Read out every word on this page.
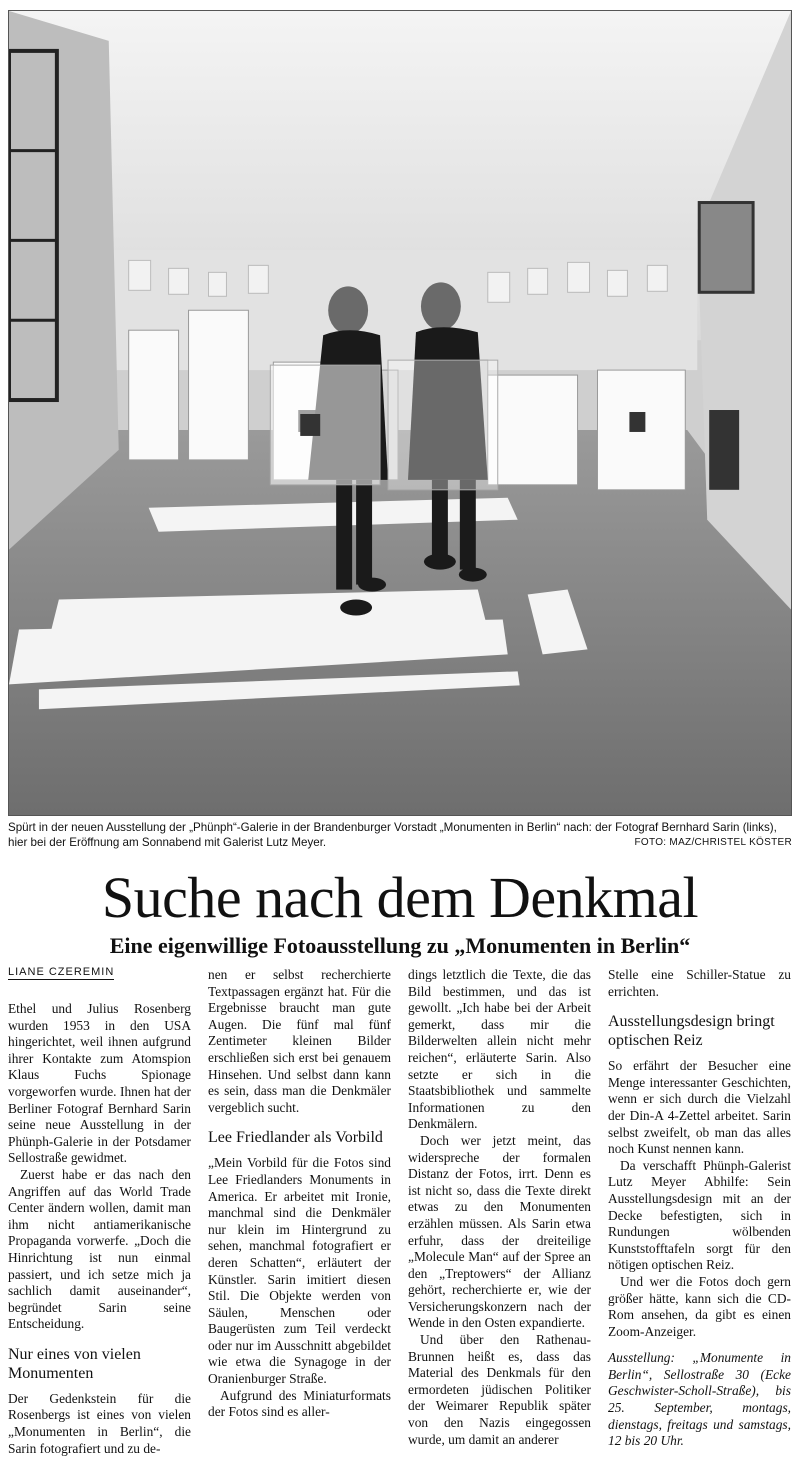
Spürt in der neuen Ausstellung der „Phünph“-Galerie in der Brandenburger Vorstadt „Monumenten in Berlin“ nach: der Fotograf Bernhard Sarin (links), hier bei der Eröffnung am Sonnabend mit Galerist Lutz Meyer.	FOTO: MAZ/CHRISTEL KÖSTER
Suche nach dem Denkmal
Eine eigenwillige Fotoausstellung zu „Monumenten in Berlin“
LIANE CZEREMIN

Ethel und Julius Rosenberg wurden 1953 in den USA hingerichtet, weil ihnen aufgrund ihrer Kontakte zum Atomspion Klaus Fuchs Spionage vorgeworfen wurde. Ihnen hat der Berliner Fotograf Bernhard Sarin seine neue Ausstellung in der Phünph-Galerie in der Potsdamer Sellostraße gewidmet.

Zuerst habe er das nach den Angriffen auf das World Trade Center ändern wollen, damit man ihm nicht antiamerikanische Propaganda vorwerfe. „Doch die Hinrichtung ist nun einmal passiert, und ich setze mich ja sachlich damit auseinander“, begründet Sarin seine Entscheidung.

Nur eines von vielen Monumenten

Der Gedenkstein für die Rosenbergs ist eines von vielen „Monumenten in Berlin“, die Sarin fotografiert und zu de-

nen er selbst recherchierte Textpassagen ergänzt hat. Für die Ergebnisse braucht man gute Augen. Die fünf mal fünf Zentimeter kleinen Bilder erschließen sich erst bei genauem Hinsehen. Und selbst dann kann es sein, dass man die Denkmäler vergeblich sucht.

Lee Friedlander als Vorbild

„Mein Vorbild für die Fotos sind Lee Friedlanders Monuments in America. Er arbeitet mit Ironie, manchmal sind die Denkmäler nur klein im Hintergrund zu sehen, manchmal fotografiert er deren Schatten“, erläutert der Künstler. Sarin imitiert diesen Stil. Die Objekte werden von Säulen, Menschen oder Baugerüsten zum Teil verdeckt oder nur im Ausschnitt abgebildet wie etwa die Synagoge in der Oranienburger Straße.

Aufgrund des Miniaturformats der Fotos sind es aller-

dings letztlich die Texte, die das Bild bestimmen, und das ist gewollt. „Ich habe bei der Arbeit gemerkt, dass mir die Bilderwelten allein nicht mehr reichen“, erläuterte Sarin. Also setzte er sich in die Staatsbibliothek und sammelte Informationen zu den Denkmälern.

Doch wer jetzt meint, das widerspreche der formalen Distanz der Fotos, irrt. Denn es ist nicht so, dass die Texte direkt etwas zu den Monumenten erzählen müssen. Als Sarin etwa erfuhr, dass der dreiteilige „Molecule Man“ auf der Spree an den „Treptowers“ der Allianz gehört, recherchierte er, wie der Versicherungskonzern nach der Wende in den Osten expandierte.

Und über den Rathenau-Brunnen heißt es, dass das Material des Denkmals für den ermordeten jüdischen Politiker der Weimarer Republik später von den Nazis eingegossen wurde, um damit an anderer

Stelle eine Schiller-Statue zu errichten.

Ausstellungsdesign bringt optischen Reiz

So erfährt der Besucher eine Menge interessanter Geschichten, wenn er sich durch die Vielzahl der Din-A 4-Zettel arbeitet. Sarin selbst zweifelt, ob man das alles noch Kunst nennen kann.

Da verschafft Phünph-Galerist Lutz Meyer Abhilfe: Sein Ausstellungsdesign mit an der Decke befestigten, sich in Rundungen wölbenden Kunststofftafeln sorgt für den nötigen optischen Reiz.

Und wer die Fotos doch gern größer hätte, kann sich die CD-Rom ansehen, da gibt es einen Zoom-Anzeiger.

Ausstellung: „Monumente in Berlin“, Sellostraße 30 (Ecke Geschwister-Scholl-Straße), bis 25. September, montags, dienstags, freitags und samstags, 12 bis 20 Uhr.
